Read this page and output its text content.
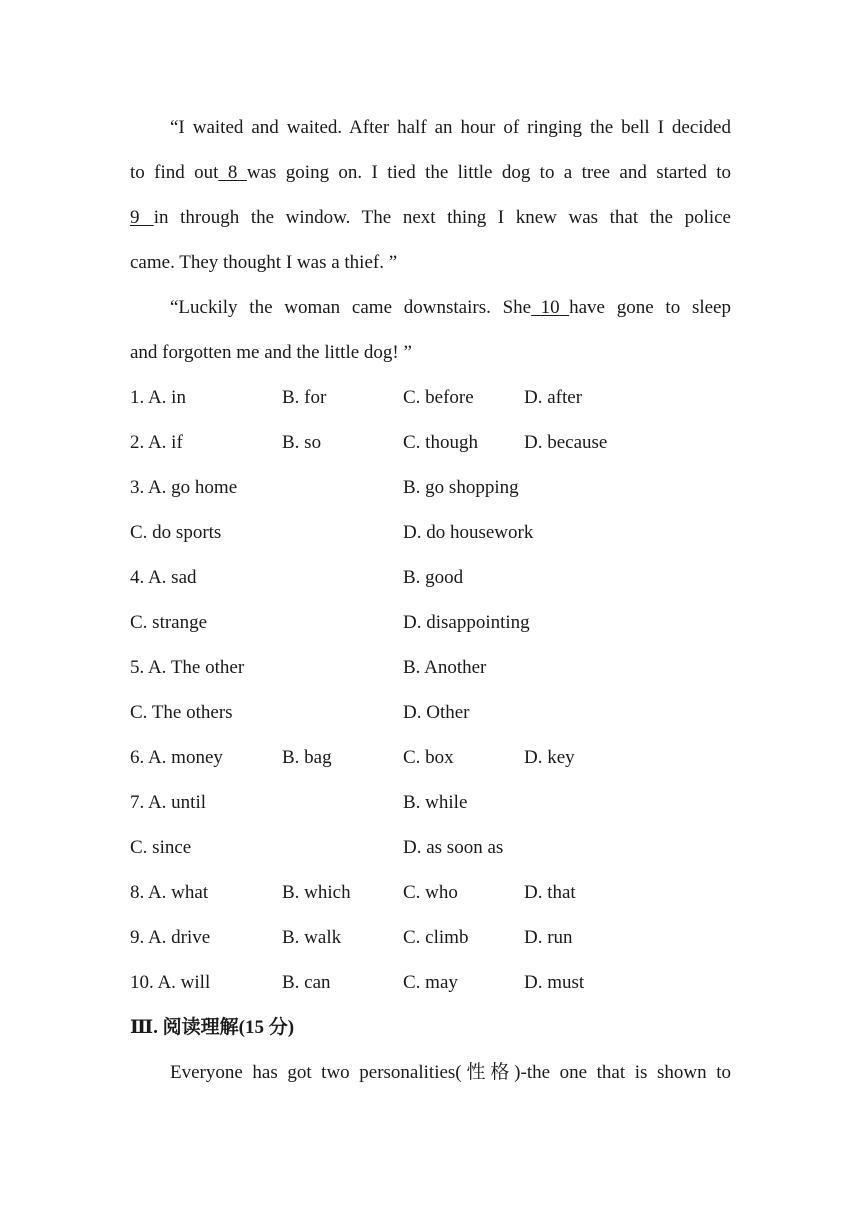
“I waited and waited. After half an hour of ringing the bell I decided
to find out 8 was going on. I tied the little dog to a tree and started to
9 in through the window. The next thing I knew was that the police
came. They thought I was a thief. ”
“Luckily the woman came downstairs. She 10 have gone to sleep
and forgotten me and the little dog! ”
1. A. in	B. for	C. before	D. after
2. A. if	B. so	C. though D. because
3. A. go home	B. go shopping
C. do sports	D. do housework
4. A. sad	B. good
C. strange	D. disappointing
5. A. The other	B. Another
C. The others	D. Other
6. A. money	B. bag	C. box	D. key
7. A. until	B. while
C. since	D. as soon as
8. A. what	B. which	C. who	D. that
9. A. drive	B. walk	C. climb	D. run
10. A. will	B. can	C. may	D. must
Ⅲ. 阅读理解(15 分)
Everyone has got two personalities(性格)-the one that is shown to
